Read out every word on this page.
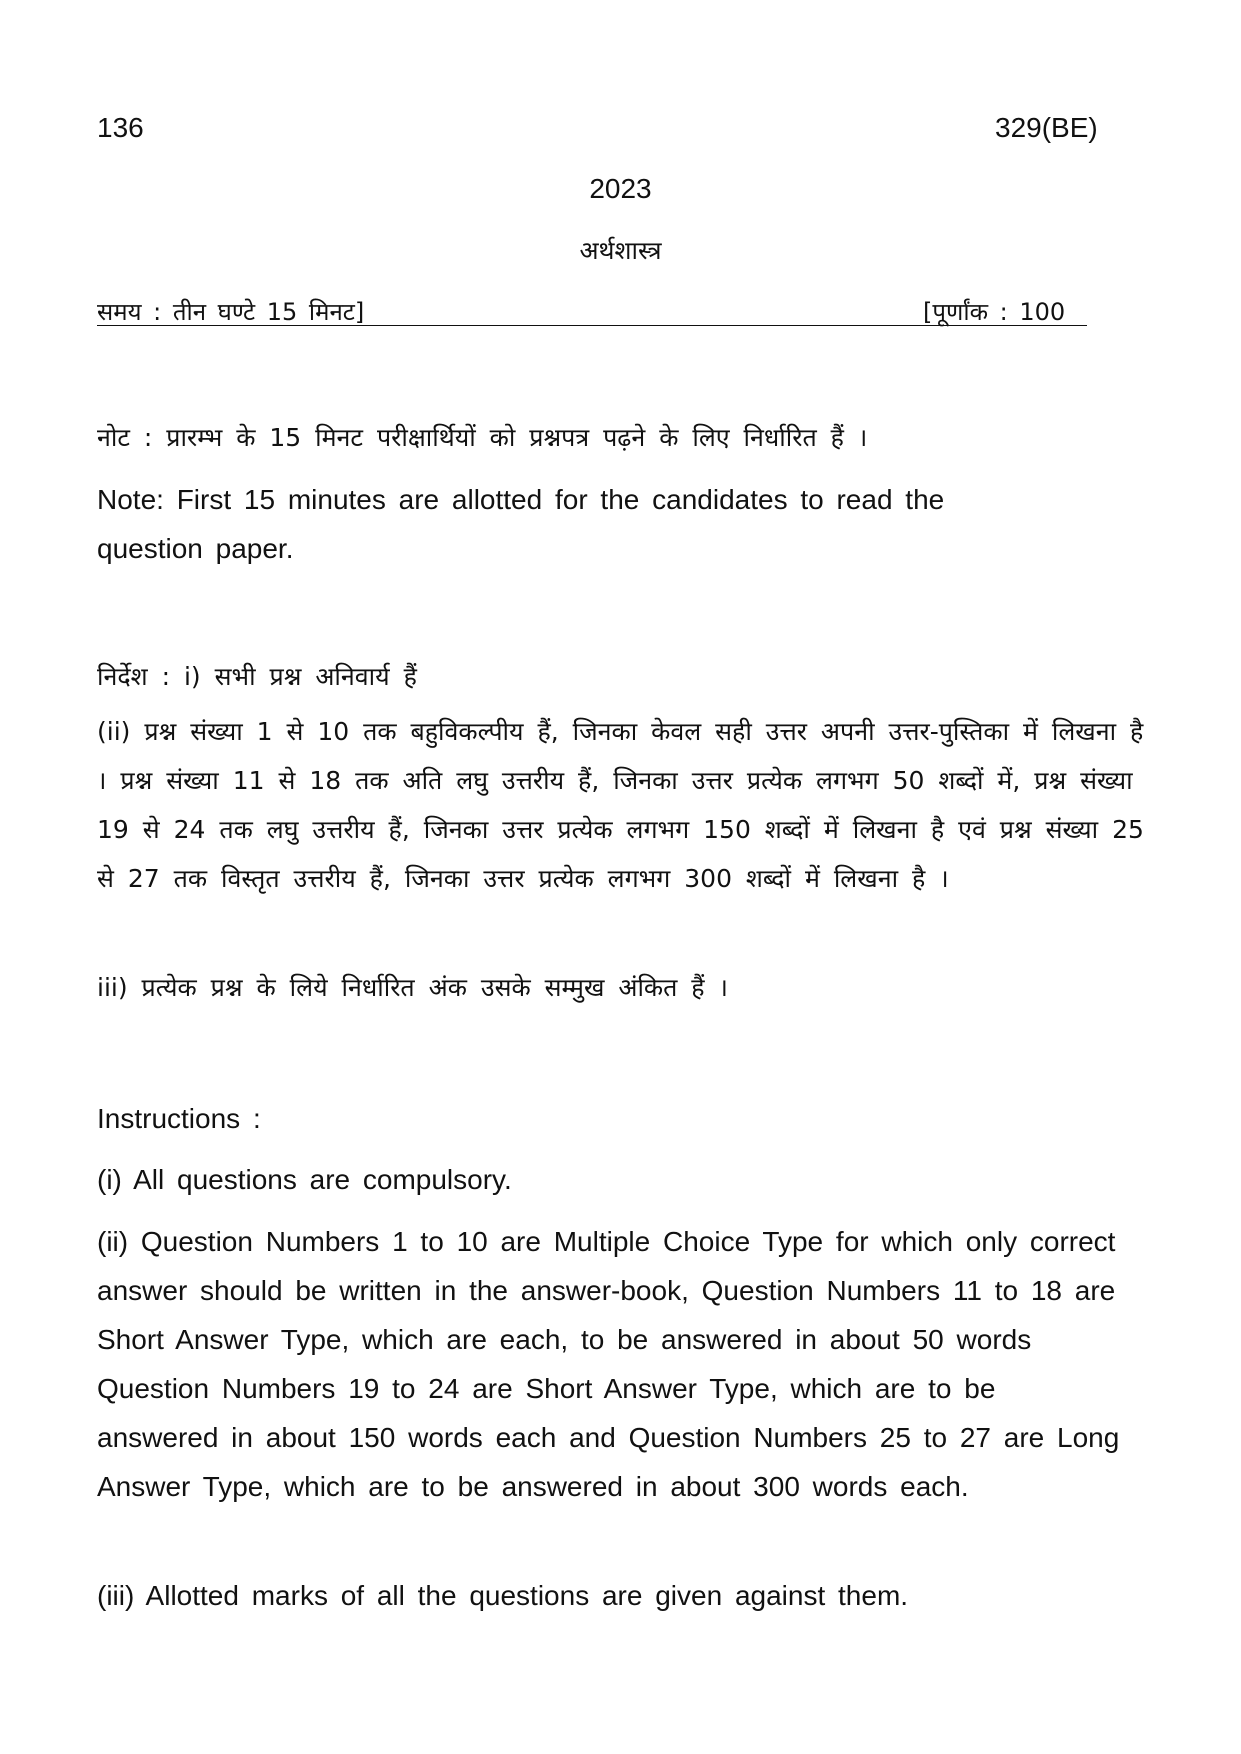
136	329(BE)
2023
अर्थशास्त्र
समय : तीन घण्टे 15 मिनट]	[पूर्णांक : 100
नोट : प्रारम्भ के 15 मिनट परीक्षार्थियों को प्रश्नपत्र पढ़ने के लिए निर्धारित हैं ।
Note: First 15 minutes are allotted for the candidates to read the question paper.
निर्देश : i) सभी प्रश्न अनिवार्य हैं
(ii) प्रश्न संख्या 1 से 10 तक बहुविकल्पीय हैं, जिनका केवल सही उत्तर अपनी उत्तर-पुस्तिका में लिखना है । प्रश्न संख्या 11 से 18 तक अति लघु उत्तरीय हैं, जिनका उत्तर प्रत्येक लगभग 50 शब्दों में, प्रश्न संख्या 19 से 24 तक लघु उत्तरीय हैं, जिनका उत्तर प्रत्येक लगभग 150 शब्दों में लिखना है एवं प्रश्न संख्या 25 से 27 तक विस्तृत उत्तरीय हैं, जिनका उत्तर प्रत्येक लगभग 300 शब्दों में लिखना है ।
iii) प्रत्येक प्रश्न के लिये निर्धारित अंक उसके सम्मुख अंकित हैं ।
Instructions :
(i) All questions are compulsory.
(ii) Question Numbers 1 to 10 are Multiple Choice Type for which only correct answer should be written in the answer-book, Question Numbers 11 to 18 are Short Answer Type, which are each, to be answered in about 50 words Question Numbers 19 to 24 are Short Answer Type, which are to be answered in about 150 words each and Question Numbers 25 to 27 are Long Answer Type, which are to be answered in about 300 words each.
(iii) Allotted marks of all the questions are given against them.
